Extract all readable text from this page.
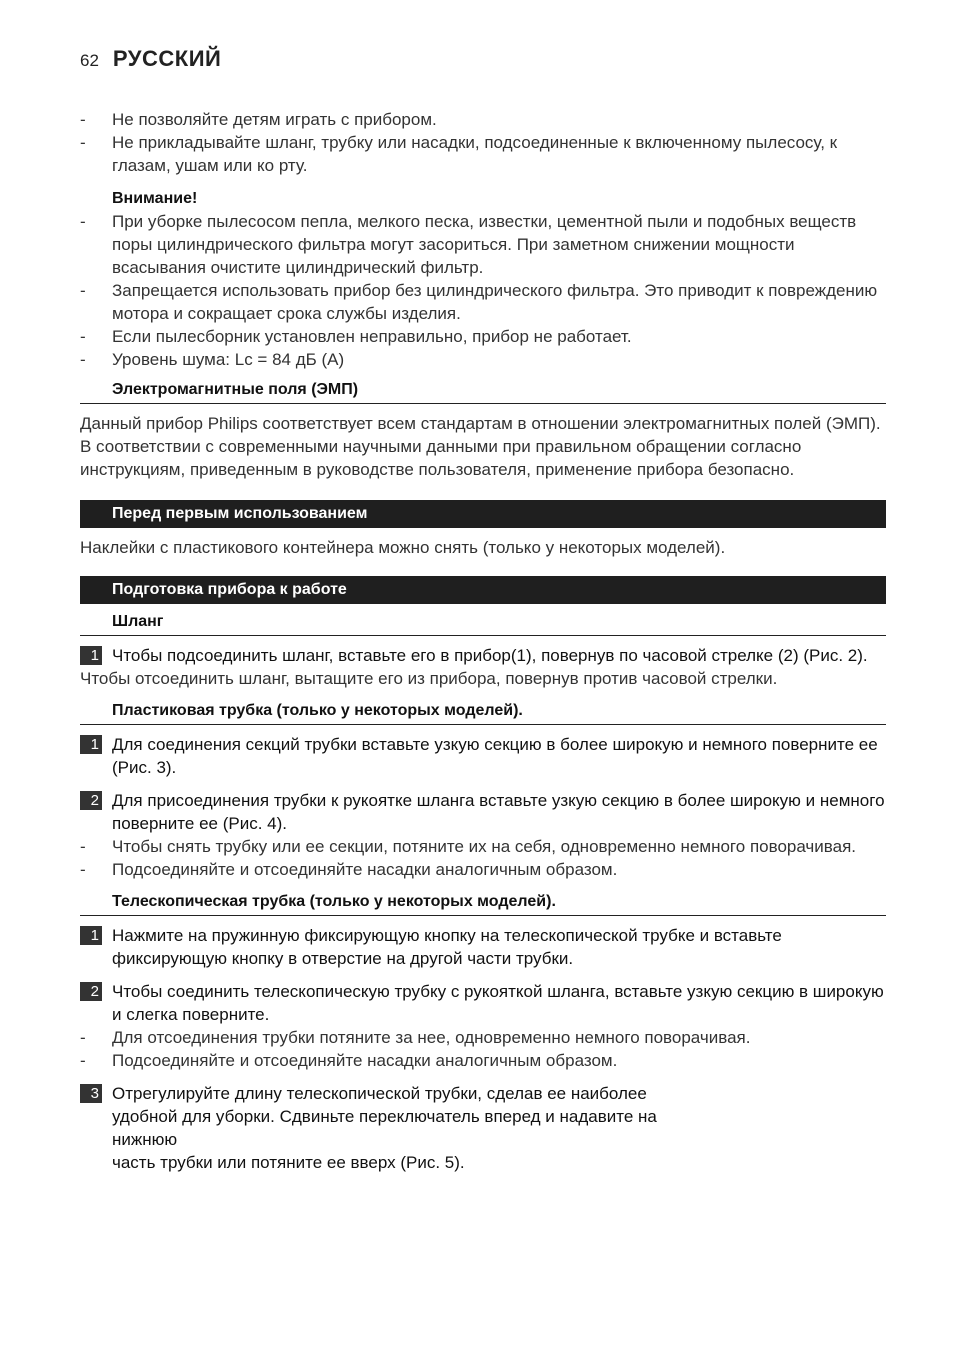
62 РУССКИЙ
-	Не позволяйте детям играть с прибором.
-	Не прикладывайте шланг, трубку или насадки, подсоединенные к включенному пылесосу, к глазам, ушам или ко рту.
Внимание!
-	При уборке пылесосом пепла, мелкого песка, известки, цементной пыли и подобных веществ поры цилиндрического фильтра могут засориться. При заметном снижении мощности всасывания очистите цилиндрический фильтр.
-	Запрещается использовать прибор без цилиндрического фильтра. Это приводит к повреждению мотора и сокращает срока службы изделия.
-	Если пылесборник установлен неправильно, прибор не работает.
-	Уровень шума: Lc = 84 дБ (A)
Электромагнитные поля (ЭМП)
Данный прибор Philips соответствует всем стандартам в отношении электромагнитных полей (ЭМП). В соответствии с современными научными данными при правильном обращении согласно инструкциям, приведенным в руководстве пользователя, применение прибора безопасно.
Перед первым использованием
Наклейки с пластикового контейнера можно снять (только у некоторых моделей).
Подготовка прибора к работе
Шланг
1 Чтобы подсоединить шланг, вставьте его в прибор(1), повернув по часовой стрелке (2) (Рис. 2).
Чтобы отсоединить шланг, вытащите его из прибора, повернув против часовой стрелки.
Пластиковая трубка (только у некоторых моделей).
1 Для соединения секций трубки вставьте узкую секцию в более широкую и немного поверните ее (Рис. 3).
2 Для присоединения трубки к рукоятке шланга вставьте узкую секцию в более широкую и немного поверните ее (Рис. 4).
-	Чтобы снять трубку или ее секции, потяните их на себя, одновременно немного поворачивая.
-	Подсоединяйте и отсоединяйте насадки аналогичным образом.
Телескопическая трубка (только у некоторых моделей).
1 Нажмите на пружинную фиксирующую кнопку на телескопической трубке и вставьте фиксирующую кнопку в отверстие на другой части трубки.
2 Чтобы соединить телескопическую трубку с рукояткой шланга, вставьте узкую секцию в широкую и слегка поверните.
-	Для отсоединения трубки потяните за нее, одновременно немного поворачивая.
-	Подсоединяйте и отсоединяйте насадки аналогичным образом.
3 Отрегулируйте длину телескопической трубки, сделав ее наиболее удобной для уборки. Сдвиньте переключатель вперед и надавите на нижнюю
часть трубки или потяните ее вверх (Рис. 5).
